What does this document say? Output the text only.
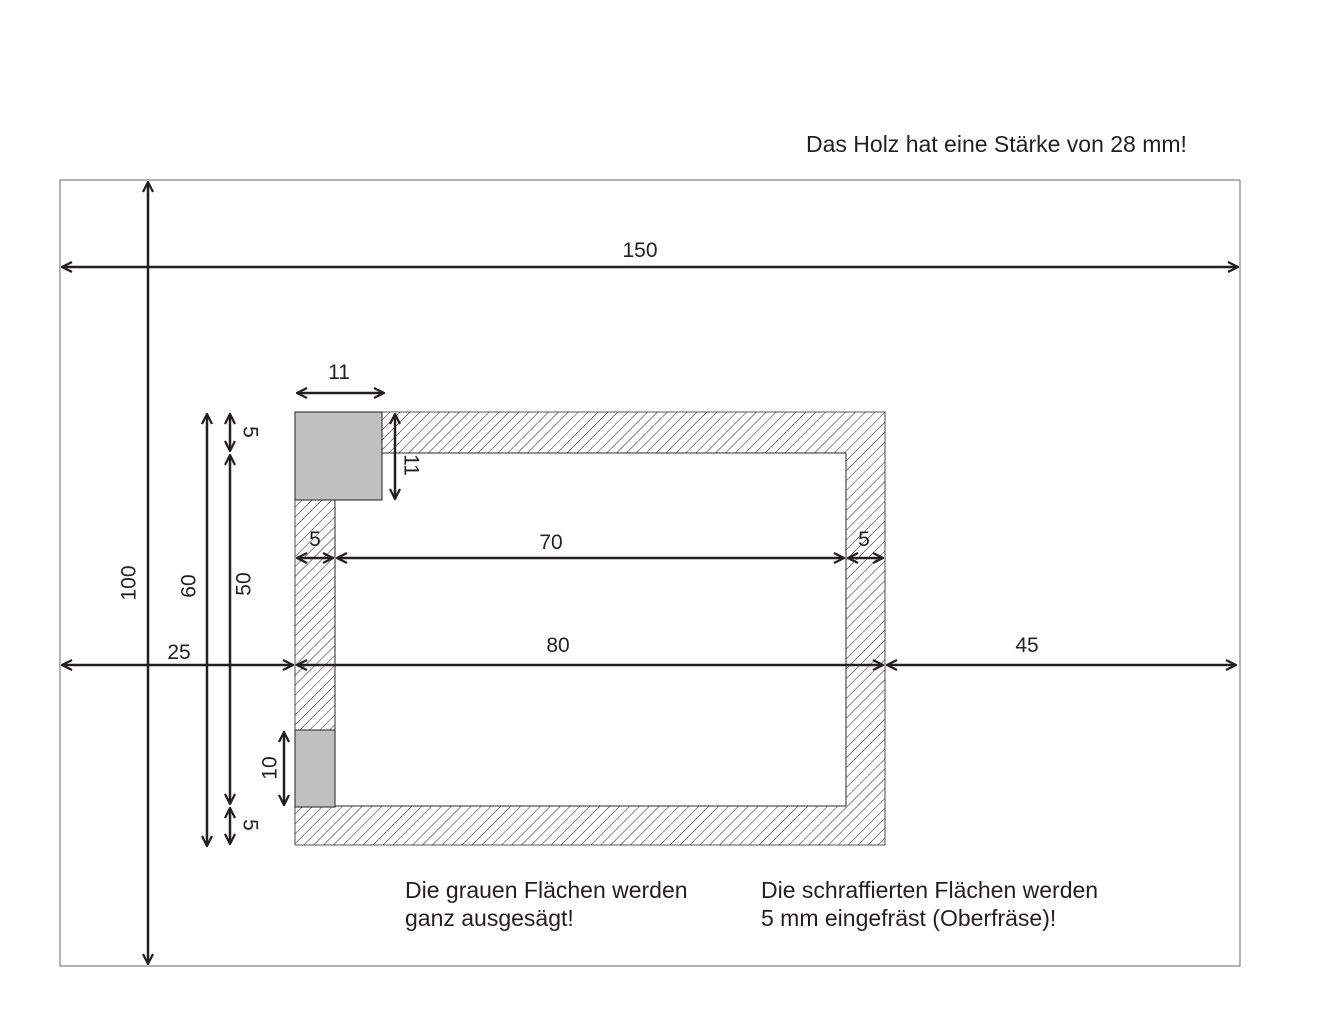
150
100
25	80	45
5	70	5
11
11
60 50
5
5
10
Das Holz hat eine Stärke von 28 mm!
Die grauen Flächen werden
ganz ausgesägt!
Die schraffierten Flächen werden
5 mm eingefräst (Oberfräse)!
